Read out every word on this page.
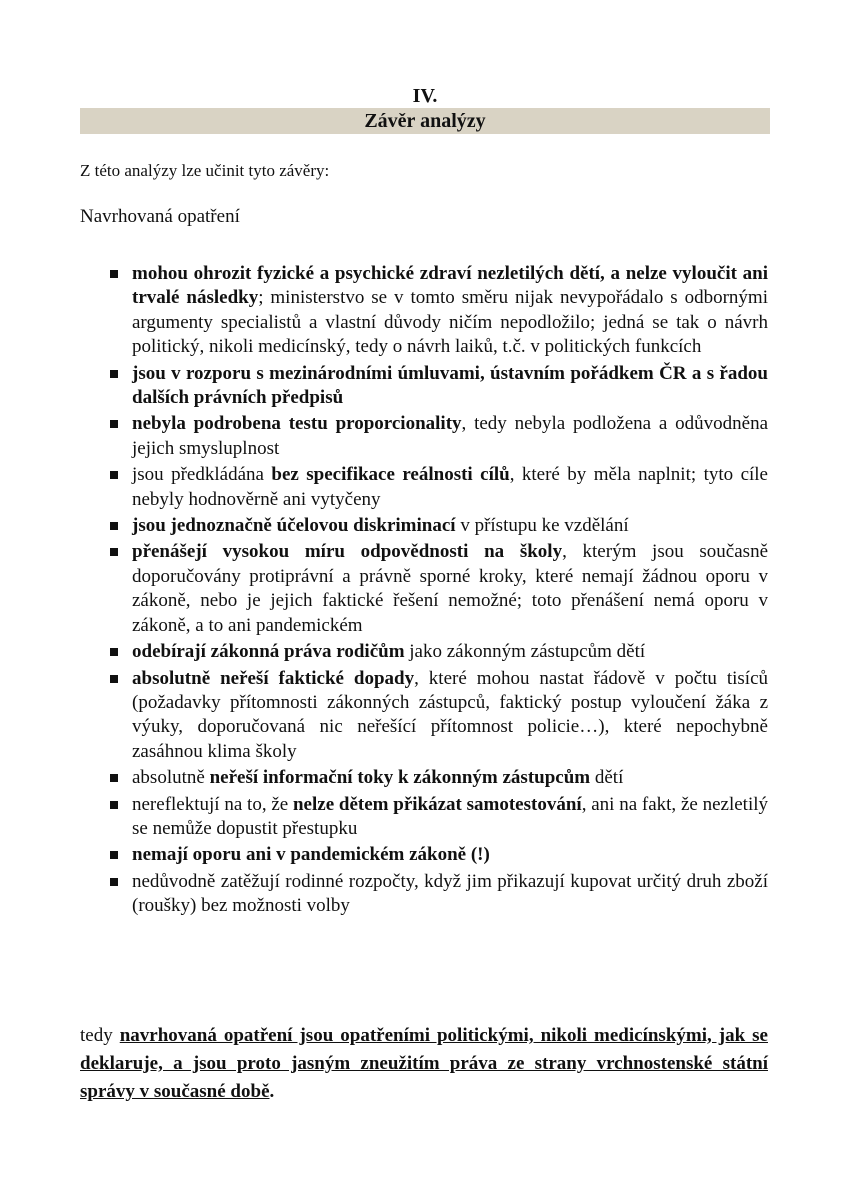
IV.
Závěr analýzy
Z této analýzy lze učinit tyto závěry:
Navrhovaná opatření
mohou ohrozit fyzické a psychické zdraví nezletilých dětí, a nelze vyloučit ani trvalé následky; ministerstvo se v tomto směru nijak nevypořádalo s odbornými argumenty specialistů a vlastní důvody ničím nepodložilo; jedná se tak o návrh politický, nikoli medicínský, tedy o návrh laiků, t.č. v politických funkcích
jsou v rozporu s mezinárodními úmluvami, ústavním pořádkem ČR a s řadou dalších právních předpisů
nebyla podrobena testu proporcionality, tedy nebyla podložena a odůvodněna jejich smysluplnost
jsou předkládána bez specifikace reálnosti cílů, které by měla naplnit; tyto cíle nebyly hodnověrně ani vytyčeny
jsou jednoznačně účelovou diskriminací v přístupu ke vzdělání
přenášejí vysokou míru odpovědnosti na školy, kterým jsou současně doporučovány protiprávní a právně sporné kroky, které nemají žádnou oporu v zákoně, nebo je jejich faktické řešení nemožné; toto přenášení nemá oporu v zákoně, a to ani pandemickém
odebírají zákonná práva rodičům jako zákonným zástupcům dětí
absolutně neřeší faktické dopady, které mohou nastat řádově v počtu tisíců (požadavky přítomnosti zákonných zástupců, faktický postup vyloučení žáka z výuky, doporučovaná nic neřešící přítomnost policie…), které nepochybně zasáhnou klima školy
absolutně neřeší informační toky k zákonným zástupcům dětí
nereflektují na to, že nelze dětem přikázat samotestování, ani na fakt, že nezletilý se nemůže dopustit přestupku
nemají oporu ani v pandemickém zákoně (!)
nedůvodně zatěžují rodinné rozpočty, když jim přikazují kupovat určitý druh zboží (roušky) bez možnosti volby
tedy navrhovaná opatření jsou opatřeními politickými, nikoli medicínskými, jak se deklaruje, a jsou proto jasným zneužitím práva ze strany vrchnostenské státní správy v současné době.
